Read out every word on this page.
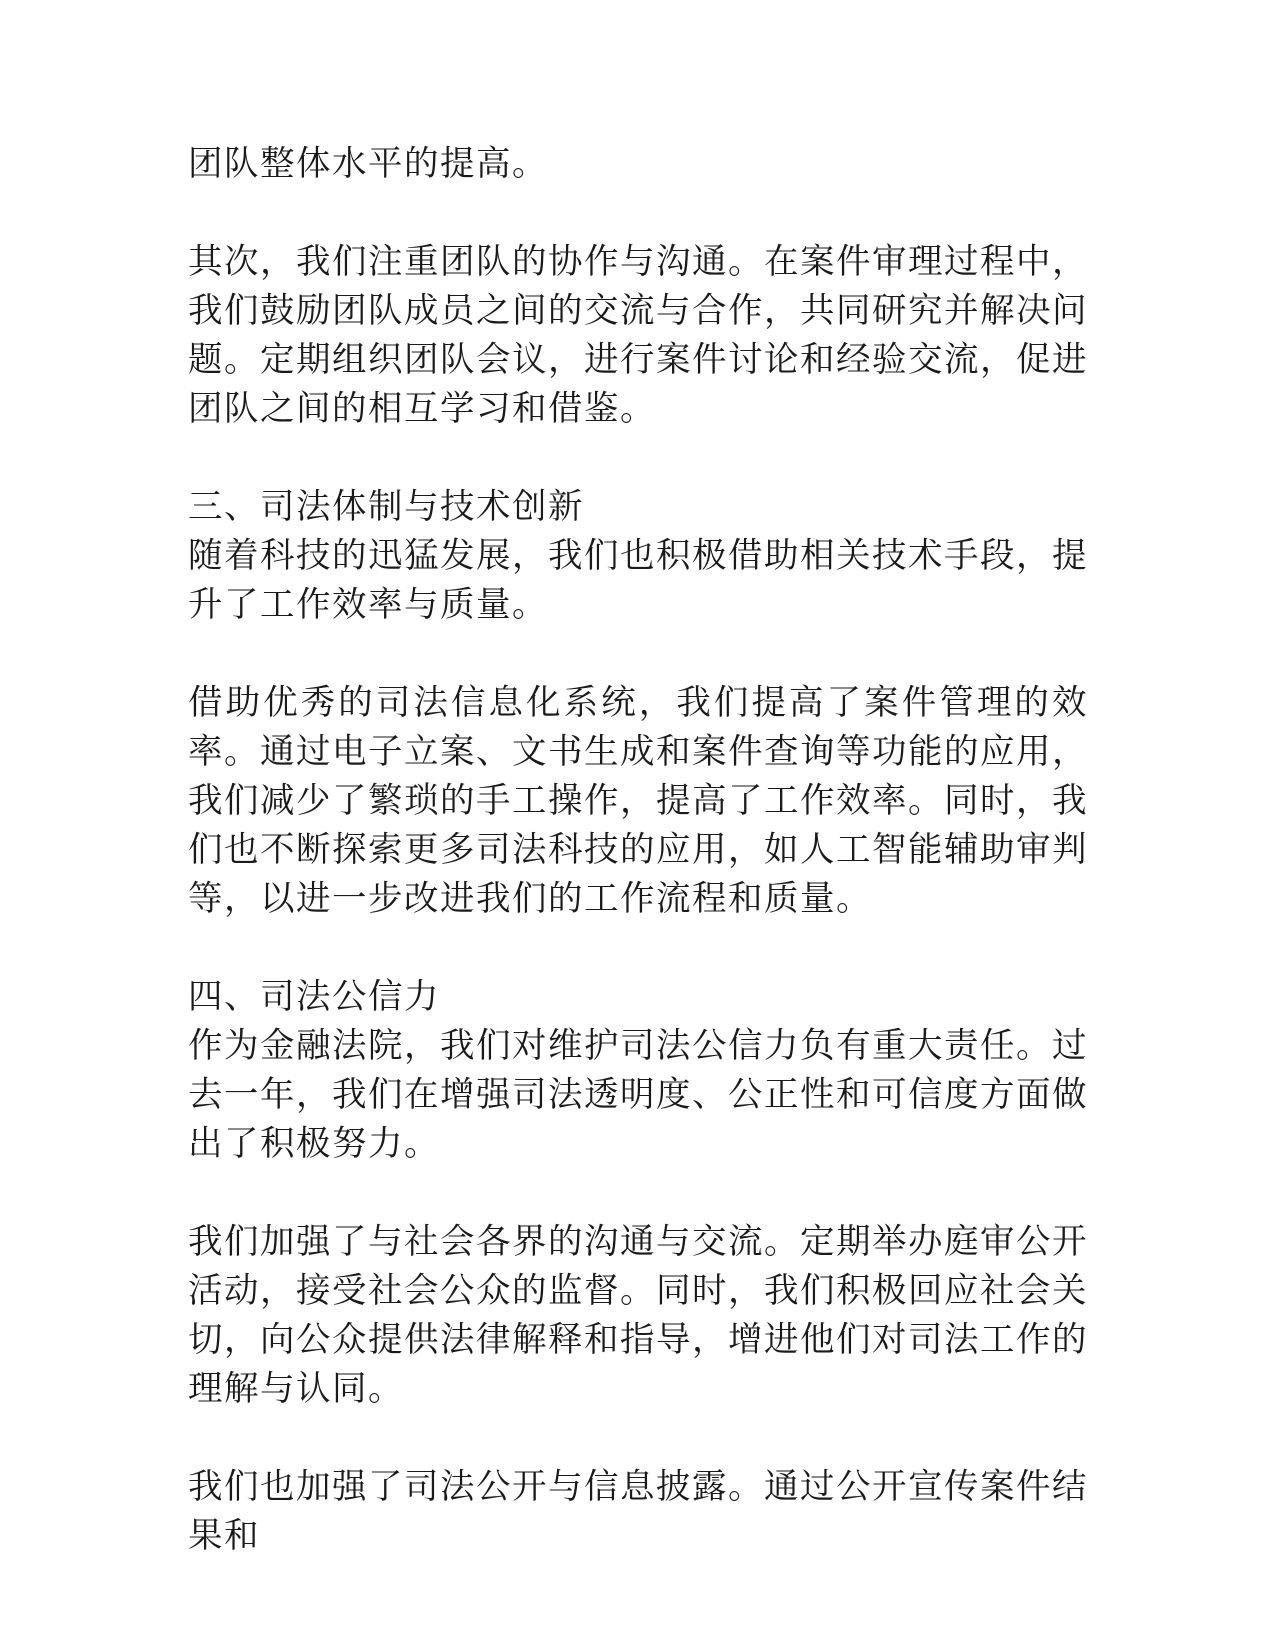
团队整体水平的提高。

其次，我们注重团队的协作与沟通。在案件审理过程中，我们鼓励团队成员之间的交流与合作，共同研究并解决问题。定期组织团队会议，进行案件讨论和经验交流，促进团队之间的相互学习和借鉴。

三、司法体制与技术创新

随着科技的迅猛发展，我们也积极借助相关技术手段，提升了工作效率与质量。

借助优秀的司法信息化系统，我们提高了案件管理的效率。通过电子立案、文书生成和案件查询等功能的应用，我们减少了繁琐的手工操作，提高了工作效率。同时，我们也不断探索更多司法科技的应用，如人工智能辅助审判等，以进一步改进我们的工作流程和质量。

四、司法公信力

作为金融法院，我们对维护司法公信力负有重大责任。过去一年，我们在增强司法透明度、公正性和可信度方面做出了积极努力。

我们加强了与社会各界的沟通与交流。定期举办庭审公开活动，接受社会公众的监督。同时，我们积极回应社会关切，向公众提供法律解释和指导，增进他们对司法工作的理解与认同。

我们也加强了司法公开与信息披露。通过公开宣传案件结果和
